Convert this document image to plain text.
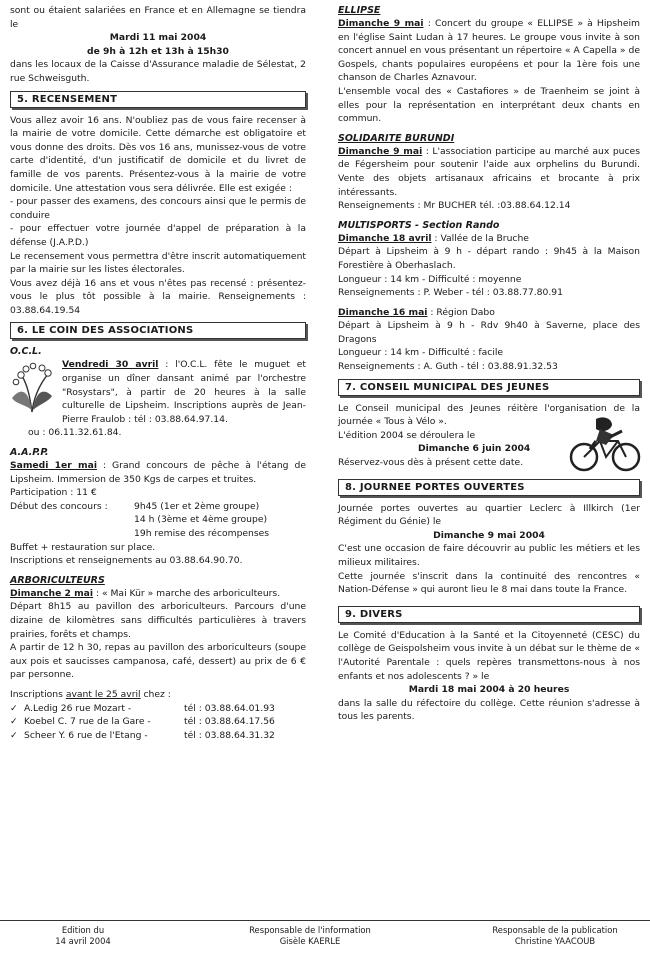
sont ou étaient salariées en France et en Allemagne se tiendra le

Mardi 11 mai 2004

de 9h à 12h et 13h à 15h30

dans les locaux de la Caisse d'Assurance maladie de Sélestat, 2 rue Schweisguth.

5. RECENSEMENT

Vous allez avoir 16 ans. N'oubliez pas de vous faire recenser à la mairie de votre domicile. Cette démarche est obligatoire et vous donne des droits. Dès vos 16 ans, munissez-vous de votre carte d'identité, d'un justificatif de domicile et du livret de famille de vos parents. Présentez-vous à la mairie de votre domicile. Une attestation vous sera délivrée. Elle est exigée :

- pour passer des examens, des concours ainsi que le permis de conduire

- pour effectuer votre journée d'appel de préparation à la défense (J.A.P.D.)

Le recensement vous permettra d'être inscrit automatiquement par la mairie sur les listes électorales.

Vous avez déjà 16 ans et vous n'êtes pas recensé : présentez-vous le plus tôt possible à la mairie. Renseignements : 03.88.64.19.54

6. LE COIN DES ASSOCIATIONS
O.C.L.

Vendredi 30 avril : l'O.C.L. fête le muguet et organise un dîner dansant animé par l'orchestre "Rosystars", à partir de 20 heures à la salle culturelle de Lipsheim. Inscriptions auprès de Jean-Pierre Fraulob : tél : 03.88.64.97.14.

ou : 06.11.32.61.84.

A.A.P.P.

Samedi 1er mai : Grand concours de pêche à l'étang de Lipsheim. Immersion de 350 Kgs de carpes et truites.

Participation : 11 €

Début des concours :	9h45 (1er et 2ème groupe)
14 h (3ème et 4ème groupe)
19h remise des récompenses

Buffet + restauration sur place.

Inscriptions et renseignements au 03.88.64.90.70.

ARBORICULTEURS

Dimanche 2 mai : « Mai Kür » marche des arboriculteurs.

Départ 8h15 au pavillon des arboriculteurs. Parcours d'une dizaine de kilomètres sans difficultés particulières à travers prairies, forêts et champs.

A partir de 12 h 30, repas au pavillon des arboriculteurs (soupe aux pois et saucisses campanosa, café, dessert) au prix de 6 € par personne.

Inscriptions avant le 25 avril chez :

✓ A.Ledig 26 rue Mozart -	tél : 03.88.64.01.93
✓ Koebel C. 7 rue de la Gare -	tél : 03.88.64.17.56
✓ Scheer Y. 6 rue de l'Etang -	tél : 03.88.64.31.32
ELLIPSE

Dimanche 9 mai : Concert du groupe « ELLIPSE » à Hipsheim en l'église Saint Ludan à 17 heures. Le groupe vous invite à son concert annuel en vous présentant un répertoire « A Capella » de Gospels, chants populaires européens et pour la 1ère fois une chanson de Charles Aznavour.

L'ensemble vocal des « Castafiores » de Traenheim se joint à elles pour la représentation en interprétant deux chants en commun.

SOLIDARITE BURUNDI

Dimanche 9 mai : L'association participe au marché aux puces de Fégersheim pour soutenir l'aide aux orphelins du Burundi. Vente des objets artisanaux africains et brocante à prix intéressants.

Renseignements : Mr BUCHER tél. :03.88.64.12.14

MULTISPORTS - Section Rando

Dimanche 18 avril : Vallée de la Bruche

Départ à Lipsheim à 9 h - départ rando : 9h45 à la Maison Forestière à Oberhaslach.

Longueur : 14 km - Difficulté : moyenne

Renseignements : P. Weber - tél : 03.88.77.80.91

Dimanche 16 mai : Région Dabo

Départ à Lipsheim à 9 h - Rdv 9h40 à Saverne, place des Dragons

Longueur : 14 km - Difficulté : facile

Renseignements : A. Guth - tél : 03.88.91.32.53

7. CONSEIL MUNICIPAL DES JEUNES

Le Conseil municipal des Jeunes réitère l'organisation de la journée « Tous à Vélo ».

L'édition 2004 se déroulera le

Dimanche 6 juin 2004

Réservez-vous dès à présent cette date.

8. JOURNEE PORTES OUVERTES

Journée portes ouvertes au quartier Leclerc à Illkirch (1er Régiment du Génie) le

Dimanche 9 mai 2004

C'est une occasion de faire découvrir au public les métiers et les milieux militaires.

Cette journée s'inscrit dans la continuité des rencontres « Nation-Défense » qui auront lieu le 8 mai dans toute la France.

9. DIVERS

Le Comité d'Education à la Santé et la Citoyenneté (CESC) du collège de Geispolsheim vous invite à un débat sur le thème de « l'Autorité Parentale : quels repères transmettons-nous à nos enfants et nos adolescents ? » le

Mardi 18 mai 2004 à 20 heures

dans la salle du réfectoire du collège. Cette réunion s'adresse à tous les parents.

Edition du
14 avril 2004
Responsable de l'information
Gisèle KAERLE
Responsable de la publication
Christine YAACOUB
